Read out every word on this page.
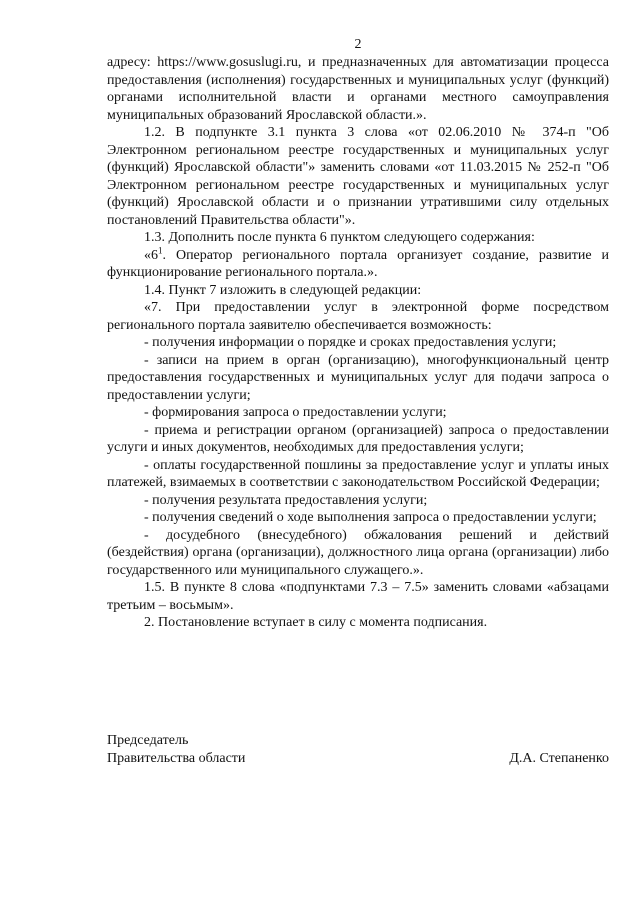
2

адресу: https://www.gosuslugi.ru, и предназначенных для автоматизации процесса предоставления (исполнения) государственных и муниципальных услуг (функций) органами исполнительной власти и органами местного самоуправления муниципальных образований Ярославской области.».

1.2. В подпункте 3.1 пункта 3 слова «от 02.06.2010 № 374-п "Об Электронном региональном реестре государственных и муниципальных услуг (функций) Ярославской области"» заменить словами «от 11.03.2015 № 252-п "Об Электронном региональном реестре государственных и муниципальных услуг (функций) Ярославской области и о признании утратившими силу отдельных постановлений Правительства области"».

1.3. Дополнить после пункта 6 пунктом следующего содержания:

«$6^1$. Оператор регионального портала организует создание, развитие и функционирование регионального портала.».

1.4. Пункт 7 изложить в следующей редакции:

«7. При предоставлении услуг в электронной форме посредством регионального портала заявителю обеспечивается возможность:

- получения информации о порядке и сроках предоставления услуги;

- записи на прием в орган (организацию), многофункциональный центр предоставления государственных и муниципальных услуг для подачи запроса о предоставлении услуги;

- формирования запроса о предоставлении услуги;

- приема и регистрации органом (организацией) запроса о предоставлении услуги и иных документов, необходимых для предоставления услуги;

- оплаты государственной пошлины за предоставление услуг и уплаты иных платежей, взимаемых в соответствии с законодательством Российской Федерации;

- получения результата предоставления услуги;

- получения сведений о ходе выполнения запроса о предоставлении услуги;

- досудебного (внесудебного) обжалования решений и действий (бездействия) органа (организации), должностного лица органа (организации) либо государственного или муниципального служащего.».

1.5. В пункте 8 слова «подпунктами 7.3 – 7.5» заменить словами «абзацами третьим – восьмым».

2. Постановление вступает в силу с момента подписания.

Председатель
Правительства области	Д.А. Степаненко
